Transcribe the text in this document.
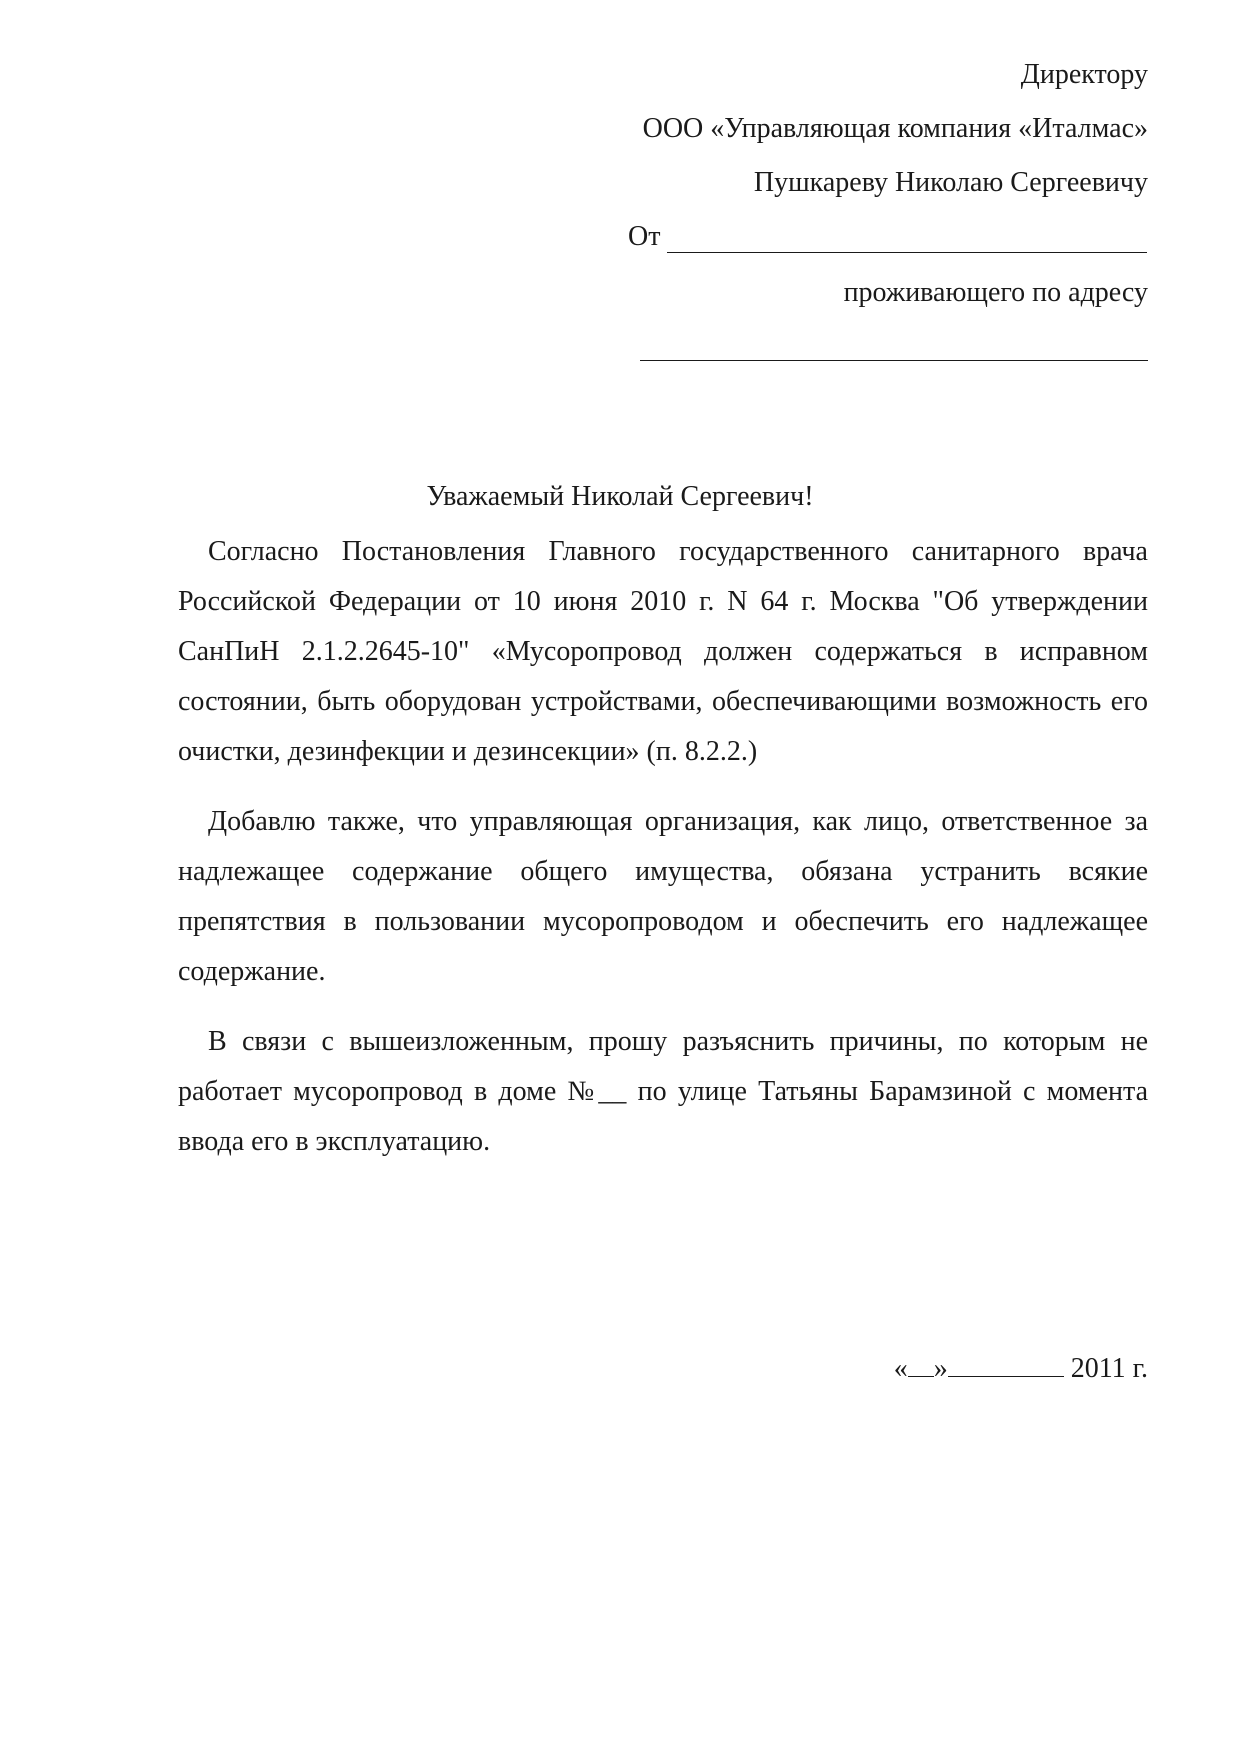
Директору
ООО «Управляющая компания «Италмас»
Пушкареву Николаю Сергеевичу
От
проживающего по адресу
Уважаемый Николай Сергеевич!

Согласно Постановления Главного государственного санитарного врача Российской Федерации от 10 июня 2010 г. N 64 г. Москва "Об утверждении СанПиН 2.1.2.2645-10" «Мусоропровод должен содержаться в исправном состоянии, быть оборудован устройствами, обеспечивающими возможность его очистки, дезинфекции и дезинсекции» (п. 8.2.2.)

Добавлю также, что управляющая организация, как лицо, ответственное за надлежащее содержание общего имущества, обязана устранить всякие препятствия в пользовании мусоропроводом и обеспечить его надлежащее содержание.

В связи с вышеизложенным, прошу разъяснить причины, по которым не работает мусоропровод в доме №__ по улице Татьяны Барамзиной с момента ввода его в эксплуатацию.

« »	2011 г.
